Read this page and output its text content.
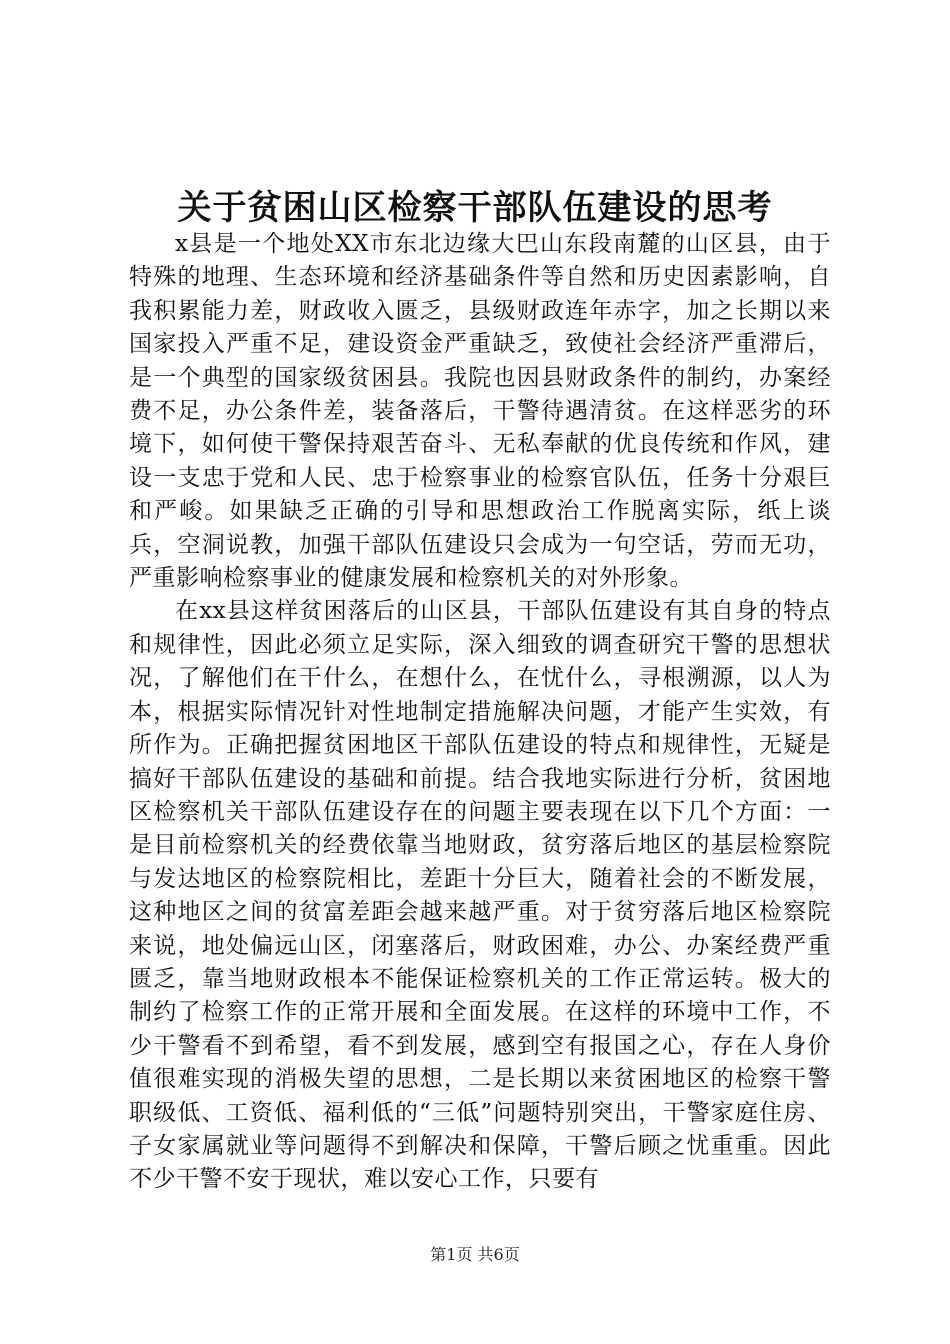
关于贫困山区检察干部队伍建设的思考

x县是一个地处XX市东北边缘大巴山东段南麓的山区县，由于特殊的地理、生态环境和经济基础条件等自然和历史因素影响，自我积累能力差，财政收入匮乏，县级财政连年赤字，加之长期以来国家投入严重不足，建设资金严重缺乏，致使社会经济严重滞后，是一个典型的国家级贫困县。我院也因县财政条件的制约，办案经费不足，办公条件差，装备落后，干警待遇清贫。在这样恶劣的环境下，如何使干警保持艰苦奋斗、无私奉献的优良传统和作风，建设一支忠于党和人民、忠于检察事业的检察官队伍，任务十分艰巨和严峻。如果缺乏正确的引导和思想政治工作脱离实际，纸上谈兵，空洞说教，加强干部队伍建设只会成为一句空话，劳而无功，严重影响检察事业的健康发展和检察机关的对外形象。

在xx县这样贫困落后的山区县，干部队伍建设有其自身的特点和规律性，因此必须立足实际，深入细致的调查研究干警的思想状况，了解他们在干什么，在想什么，在忧什么，寻根溯源，以人为本，根据实际情况针对性地制定措施解决问题，才能产生实效，有所作为。正确把握贫困地区干部队伍建设的特点和规律性，无疑是搞好干部队伍建设的基础和前提。结合我地实际进行分析，贫困地区检察机关干部队伍建设存在的问题主要表现在以下几个方面：一是目前检察机关的经费依靠当地财政，贫穷落后地区的基层检察院与发达地区的检察院相比，差距十分巨大，随着社会的不断发展，这种地区之间的贫富差距会越来越严重。对于贫穷落后地区检察院来说，地处偏远山区，闭塞落后，财政困难，办公、办案经费严重匮乏，靠当地财政根本不能保证检察机关的工作正常运转。极大的制约了检察工作的正常开展和全面发展。在这样的环境中工作，不少干警看不到希望，看不到发展，感到空有报国之心，存在人身价值很难实现的消极失望的思想，二是长期以来贫困地区的检察干警职级低、工资低、福利低的“三低”问题特别突出，干警家庭住房、子女家属就业等问题得不到解决和保障，干警后顾之忧重重。因此不少干警不安于现状，难以安心工作，只要有

第1页 共6页
